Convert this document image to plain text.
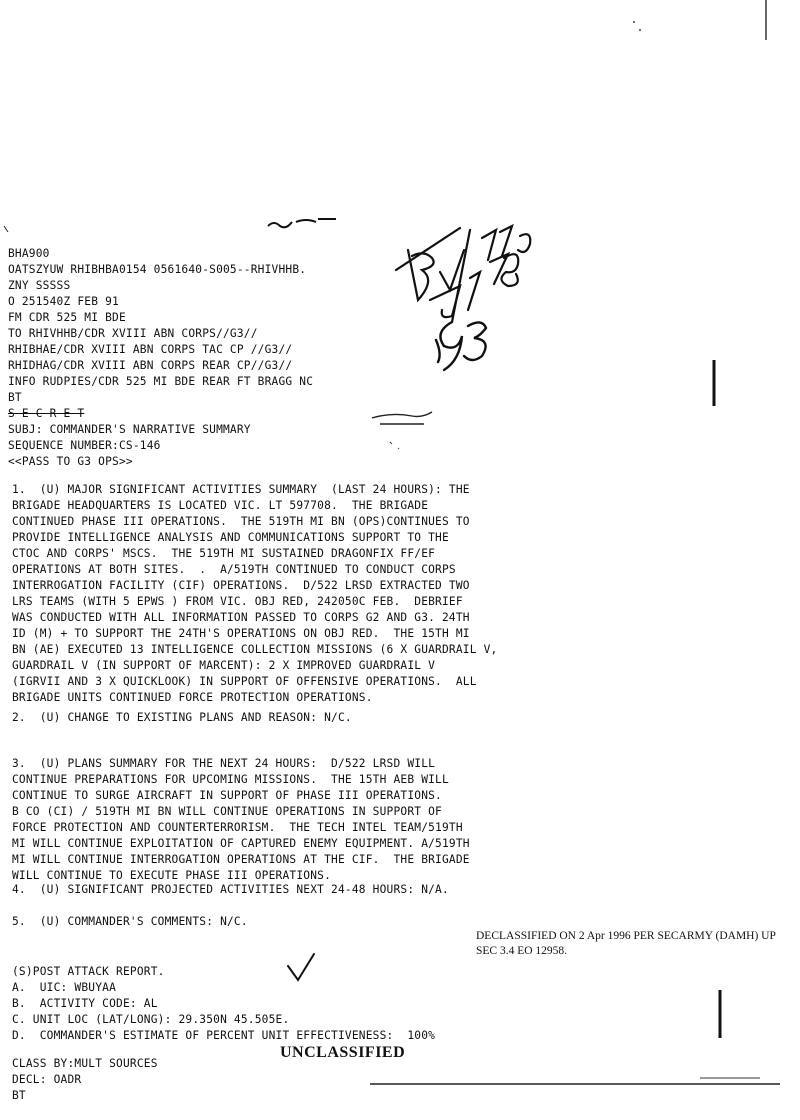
BHA900
OATSZYUW RHIBHBA0154 0561640-S005--RHIVHHB.
ZNY SSSSS
O 251540Z FEB 91
FM CDR 525 MI BDE
TO RHIVHHB/CDR XVIII ABN CORPS//G3//
RHIBHAE/CDR XVIII ABN CORPS TAC CP //G3//
RHIDHAG/CDR XVIII ABN CORPS REAR CP//G3//
INFO RUDPIES/CDR 525 MI BDE REAR FT BRAGG NC
BT
S E C R E T
SUBJ: COMMANDER'S NARRATIVE SUMMARY
SEQUENCE NUMBER:CS-146
<<PASS TO G3 OPS>>

1.  (U) MAJOR SIGNIFICANT ACTIVITIES SUMMARY  (LAST 24 HOURS): THE
BRIGADE HEADQUARTERS IS LOCATED VIC. LT 597708.  THE BRIGADE
CONTINUED PHASE III OPERATIONS.  THE 519TH MI BN (OPS)CONTINUES TO
PROVIDE INTELLIGENCE ANALYSIS AND COMMUNICATIONS SUPPORT TO THE
CTOC AND CORPS' MSCS.  THE 519TH MI SUSTAINED DRAGONFIX FF/EF
OPERATIONS AT BOTH SITES.  .  A/519TH CONTINUED TO CONDUCT CORPS
INTERROGATION FACILITY (CIF) OPERATIONS.  D/522 LRSD EXTRACTED TWO
LRS TEAMS (WITH 5 EPWS ) FROM VIC. OBJ RED, 242050C FEB.  DEBRIEF
WAS CONDUCTED WITH ALL INFORMATION PASSED TO CORPS G2 AND G3. 24TH
ID (M) + TO SUPPORT THE 24TH'S OPERATIONS ON OBJ RED.  THE 15TH MI
BN (AE) EXECUTED 13 INTELLIGENCE COLLECTION MISSIONS (6 X GUARDRAIL V,
GUARDRAIL V (IN SUPPORT OF MARCENT): 2 X IMPROVED GUARDRAIL V
(IGRVII AND 3 X QUICKLOOK) IN SUPPORT OF OFFENSIVE OPERATIONS.  ALL
BRIGADE UNITS CONTINUED FORCE PROTECTION OPERATIONS.

2.  (U) CHANGE TO EXISTING PLANS AND REASON: N/C.

3.  (U) PLANS SUMMARY FOR THE NEXT 24 HOURS:  D/522 LRSD WILL
CONTINUE PREPARATIONS FOR UPCOMING MISSIONS.  THE 15TH AEB WILL
CONTINUE TO SURGE AIRCRAFT IN SUPPORT OF PHASE III OPERATIONS.
B CO (CI) / 519TH MI BN WILL CONTINUE OPERATIONS IN SUPPORT OF
FORCE PROTECTION AND COUNTERTERRORISM.  THE TECH INTEL TEAM/519TH
MI WILL CONTINUE EXPLOITATION OF CAPTURED ENEMY EQUIPMENT. A/519TH
MI WILL CONTINUE INTERROGATION OPERATIONS AT THE CIF.  THE BRIGADE
WILL CONTINUE TO EXECUTE PHASE III OPERATIONS.

4.  (U) SIGNIFICANT PROJECTED ACTIVITIES NEXT 24-48 HOURS: N/A.
5.  (U) COMMANDER'S COMMENTS: N/C.
DECLASSIFIED ON 2 Apr 1996 PER SECARMY (DAMH) UP SEC 3.4 EO 12958.

(S)POST ATTACK REPORT.
A.  UIC: WBUYAA
B.  ACTIVITY CODE: AL
C. UNIT LOC (LAT/LONG): 29.350N 45.505E.
D.  COMMANDER'S ESTIMATE OF PERCENT UNIT EFFECTIVENESS:  100%

CLASS BY:MULT SOURCES
DECL: OADR
BT

UNCLASSIFIED
